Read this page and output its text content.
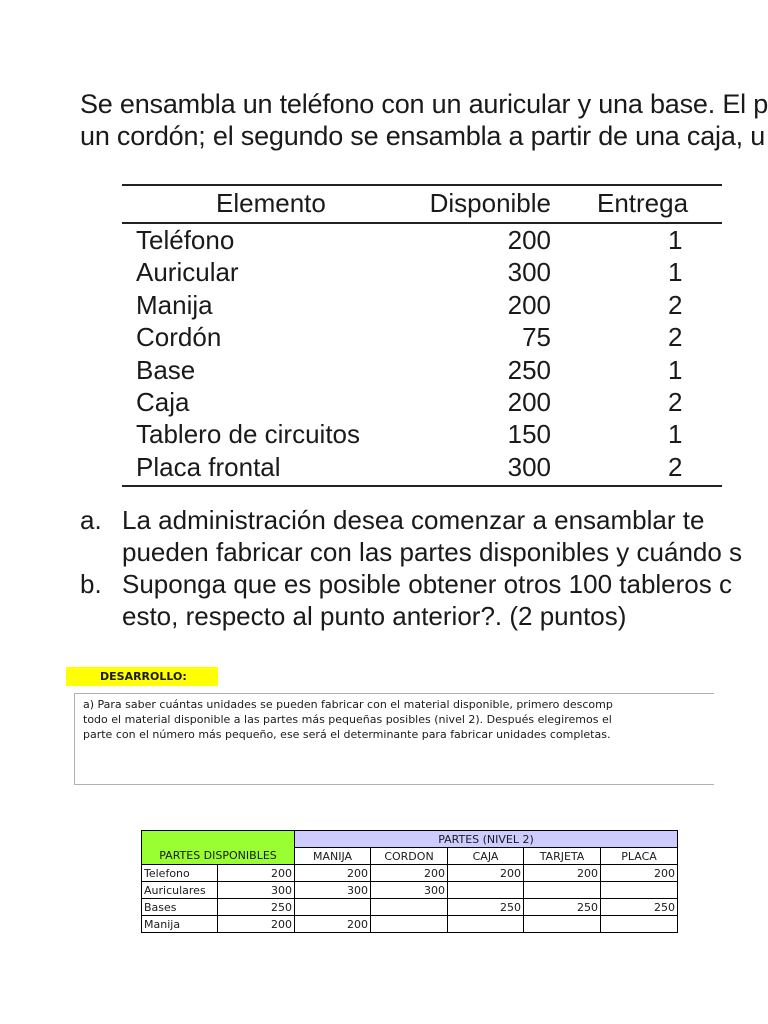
Se ensambla un teléfono con un auricular y una base. El p
un cordón; el segundo se ensambla a partir de una caja, u
Elemento	Disponible	Entrega
Teléfono	200	1
Auricular	300	1
Manija	200	2
Cordón	75	2
Base	250	1
Caja	200	2
Tablero de circuitos	150	1
Placa frontal	300	2
a. La administración desea comenzar a ensamblar te
pueden fabricar con las partes disponibles y cuándo s
b. Suponga que es posible obtener otros 100 tableros c
esto, respecto al punto anterior?. (2 puntos)
DESARROLLO:
a) Para saber cuántas unidades se pueden fabricar con el material disponible, primero descomp
todo el material disponible a las partes más pequeñas posibles (nivel 2). Después elegiremos el
parte con el número más pequeño, ese será el determinante para fabricar unidades completas.
PARTES DISPONIBLES		PARTES (NIVEL 2)				
		MANIJA	CORDON	CAJA	TARJETA	PLACA
Telefono	200	200	200	200	200	200
Auriculares	300	300	300			
Bases	250			250	250	250
Manija	200	200				
